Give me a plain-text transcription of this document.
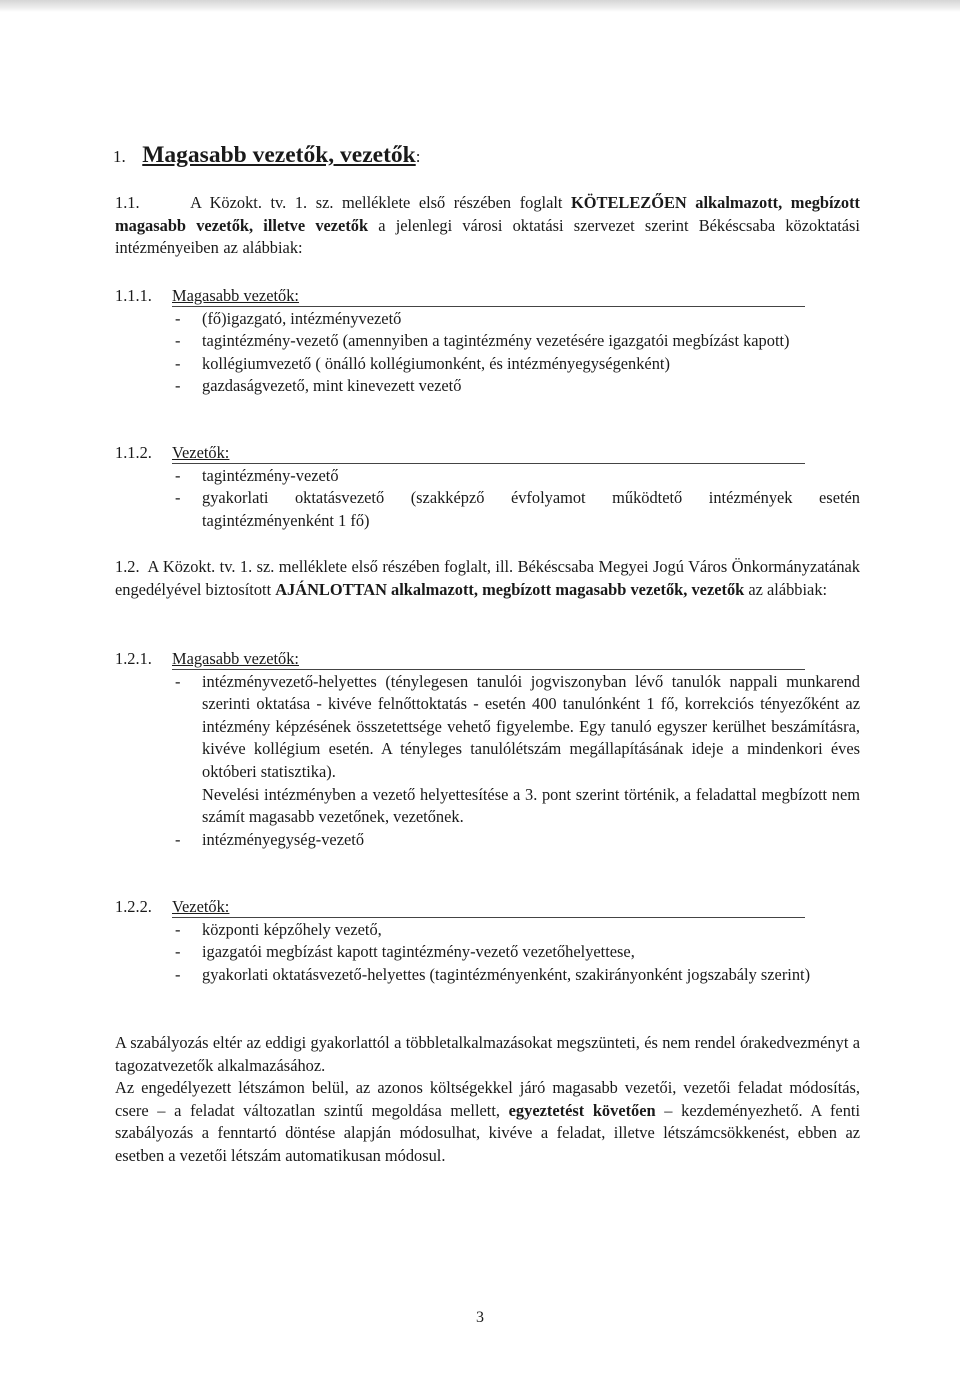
1. Magasabb vezetők, vezetők:
1.1.      A Közokt. tv. 1. sz. melléklete első részében foglalt KÖTELEZŐEN alkalmazott, megbízott magasabb vezetők, illetve vezetők a jelenlegi városi oktatási szervezet szerint Békéscsaba közoktatási intézményeiben az alábbiak:
1.1.1.	Magasabb vezetők:
- (fő)igazgató, intézményvezető
- tagintézmény-vezető (amennyiben a tagintézmény vezetésére igazgatói megbízást kapott)
- kollégiumvezető ( önálló kollégiumonként, és intézményegységenként)
- gazdaságvezető, mint kinevezett vezető
1.1.2.	Vezetők:
- tagintézmény-vezető
- gyakorlati oktatásvezető (szakképző évfolyamot működtető intézmények esetén tagintézményenként 1 fő)
1.2.  A Közokt. tv. 1. sz. melléklete első részében foglalt, ill. Békéscsaba Megyei Jogú Város Önkormányzatának engedélyével biztosított AJÁNLOTTAN alkalmazott, megbízott magasabb vezetők, vezetők az alábbiak:
1.2.1.	Magasabb vezetők:
- intézményvezető-helyettes (ténylegesen tanulói jogviszonyban lévő tanulók nappali munkarend szerinti oktatása - kivéve felnőttoktatás - esetén 400 tanulónként 1 fő, korrekciós tényezőként az intézmény képzésének összetettsége vehető figyelembe. Egy tanuló egyszer kerülhet beszámításra, kivéve kollégium esetén. A tényleges tanulólétszám megállapításának ideje a mindenkori éves októberi statisztika).
Nevelési intézményben a vezető helyettesítése a 3. pont szerint történik, a feladattal megbízott nem számít magasabb vezetőnek, vezetőnek.
- intézményegység-vezető
1.2.2.	Vezetők:
- központi képzőhely vezető,
- igazgatói megbízást kapott tagintézmény-vezető vezetőhelyettese,
- gyakorlati oktatásvezető-helyettes (tagintézményenként, szakirányonként jogszabály szerint)
A szabályozás eltér az eddigi gyakorlattól a többletalkalmazásokat megszünteti, és nem rendel órakedvezményt a tagozatvezetők alkalmazásához.
Az engedélyezett létszámon belül, az azonos költségekkel járó magasabb vezetői, vezetői feladat módosítás, csere – a feladat változatlan szintű megoldása mellett, egyeztetést követően – kezdeményezhető. A fenti szabályozás a fenntartó döntése alapján módosulhat, kivéve a feladat, illetve létszámcsökkenést, ebben az esetben a vezetői létszám automatikusan módosul.
3
